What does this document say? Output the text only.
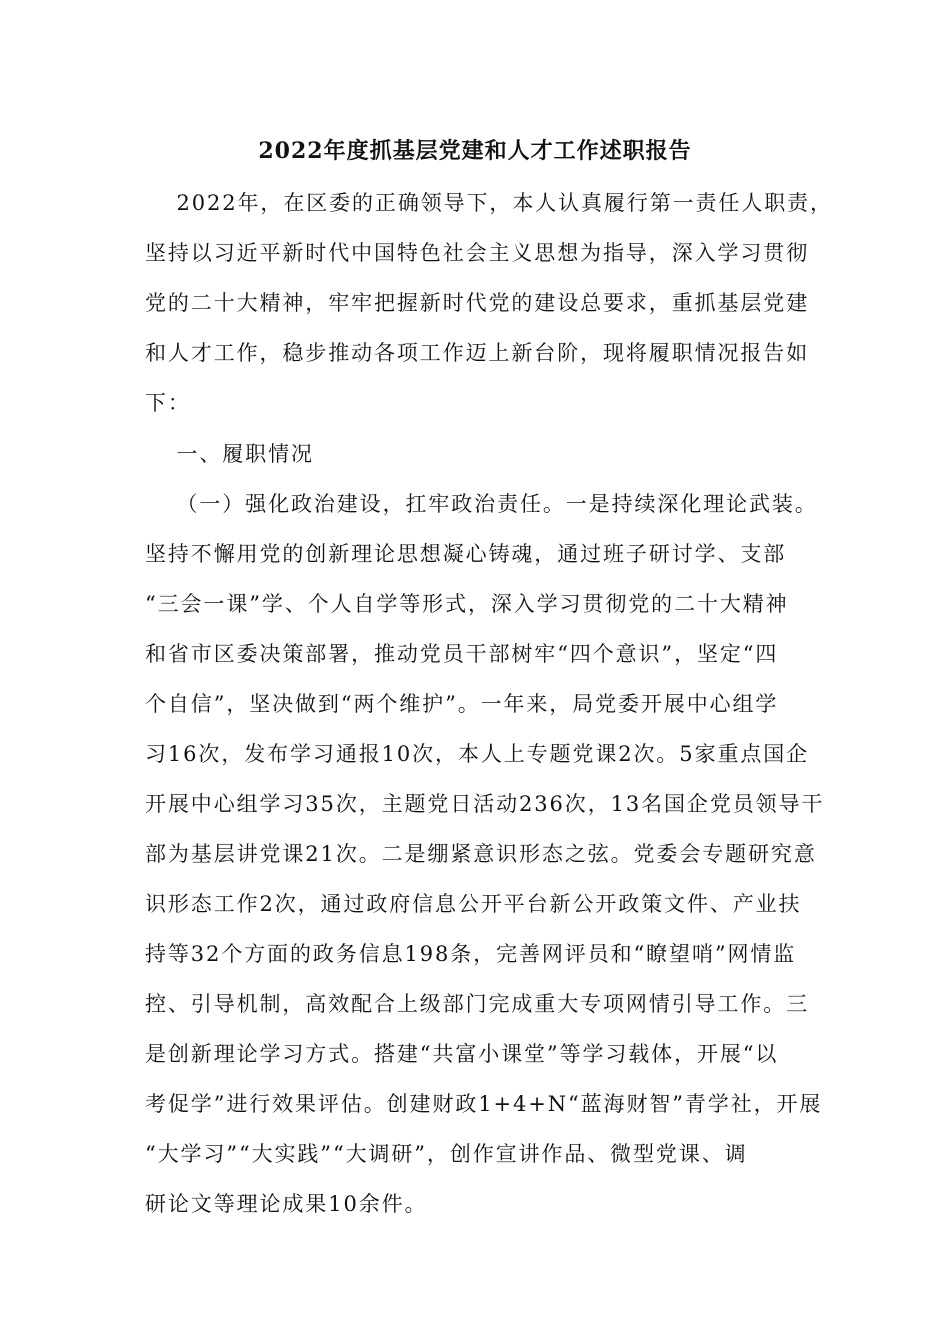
2022年度抓基层党建和人才工作述职报告
　 2022年，在区委的正确领导下，本人认真履行第一责任人职责，
坚持以习近平新时代中国特色社会主义思想为指导，深入学习贯彻
党的二十大精神，牢牢把握新时代党的建设总要求，重抓基层党建
和人才工作，稳步推动各项工作迈上新台阶，现将履职情况报告如
下：
　 一、履职情况
　 （一）强化政治建设，扛牢政治责任。一是持续深化理论武装。
坚持不懈用党的创新理论思想凝心铸魂，通过班子研讨学、支部
“三会一课”学、个人自学等形式，深入学习贯彻党的二十大精神
和省市区委决策部署，推动党员干部树牢“四个意识”，坚定“四
个自信”，坚决做到“两个维护”。一年来，局党委开展中心组学
习16次，发布学习通报10次，本人上专题党课2次。5家重点国企
开展中心组学习35次，主题党日活动236次，13名国企党员领导干
部为基层讲党课21次。二是绷紧意识形态之弦。党委会专题研究意
识形态工作2次，通过政府信息公开平台新公开政策文件、产业扶
持等32个方面的政务信息198条，完善网评员和“瞭望哨”网情监
控、引导机制，高效配合上级部门完成重大专项网情引导工作。三
是创新理论学习方式。搭建“共富小课堂”等学习载体，开展“以
考促学”进行效果评估。创建财政1+4+N“蓝海财智”青学社，开展
“大学习”“大实践”“大调研”，创作宣讲作品、微型党课、调
研论文等理论成果10余件。
